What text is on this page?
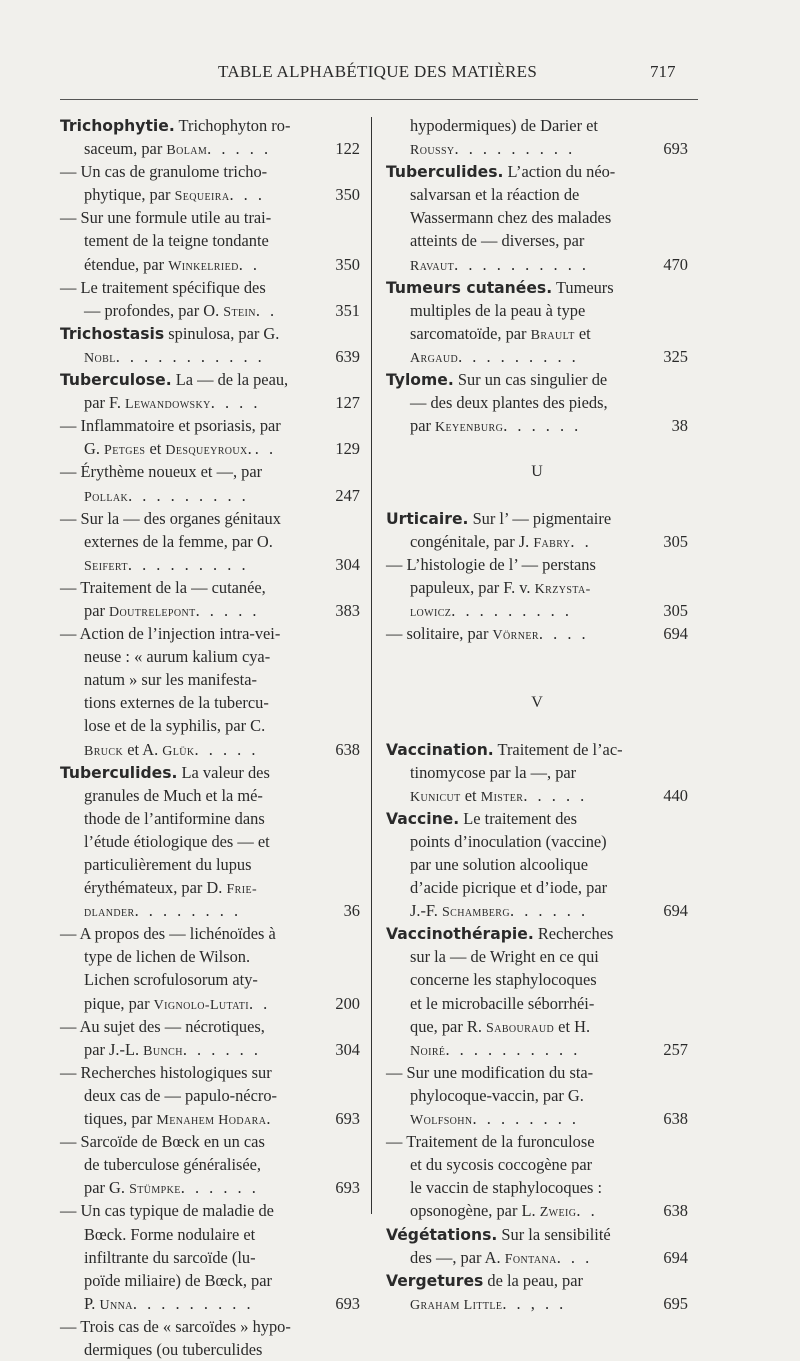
TABLE ALPHABÉTIQUE DES MATIÈRES	717
Trichophytie. Trichophyton ro-
saceum, par Bolam. . . . .	122
— Un cas de granulome tricho-
phytique, par Sequeira. . .	350
— Sur une formule utile au trai-
tement de la teigne tondante
étendue, par Winkelried. .	350
— Le traitement spécifique des
— profondes, par O. Stein. .	351
Trichostasis spinulosa, par G.
Nobl. . . . . . . . . . .	639
Tuberculose. La — de la peau,
par F. Lewandowsky. . . .	127
— Inflammatoire et psoriasis, par
G. Petges et Desqueyroux.. .	129
— Érythème noueux et —, par
Pollak. . . . . . . . .	247
— Sur la — des organes génitaux
externes de la femme, par O.
Seifert. . . . . . . . .	304
— Traitement de la — cutanée,
par Doutrelepont. . . . .	383
— Action de l’injection intra-vei-
neuse : « aurum kalium cya-
natum » sur les manifesta-
tions externes de la tubercu-
lose et de la syphilis, par C.
Bruck et A. Glük. . . . .	638
Tuberculides. La valeur des
granules de Much et la mé-
thode de l’antiformine dans
l’étude étiologique des — et
particulièrement du lupus
érythémateux, par D. Frie-
dlander. . . . . . . .	36
— A propos des — lichénoïdes à
type de lichen de Wilson.
Lichen scrofulosorum aty-
pique, par Vignolo-Lutati. .	200
— Au sujet des — nécrotiques,
par J.-L. Bunch. . . . . .	304
— Recherches histologiques sur
deux cas de — papulo-nécro-
tiques, par Menahem Hodara.	693
— Sarcoïde de Bœck en un cas
de tuberculose généralisée,
par G. Stümpke. . . . . .	693
— Un cas typique de maladie de
Bœck. Forme nodulaire et
infiltrante du sarcoïde (lu-
poïde miliaire) de Bœck, par
P. Unna. . . . . . . . .	693
— Trois cas de « sarcoïdes » hypo-
dermiques (ou tuberculides
hypodermiques) de Darier et
Roussy. . . . . . . . .	693
Tuberculides. L’action du néo-
salvarsan et la réaction de
Wassermann chez des malades
atteints de — diverses, par
Ravaut. . . . . . . . . .	470
Tumeurs cutanées. Tumeurs
multiples de la peau à type
sarcomatoïde, par Brault et
Argaud. . . . . . . . .	325
Tylome. Sur un cas singulier de
— des deux plantes des pieds,
par Keyenburg. . . . . .	38
U
Urticaire. Sur l’ — pigmentaire
congénitale, par J. Fabry. .	305
— L’histologie de l’ — perstans
papuleux, par F. v. Krzysta-
lowicz. . . . . . . . .	305
— solitaire, par Vörner. . . .	694
V
Vaccination. Traitement de l’ac-
tinomycose par la —, par
Kunicut et Mister. . . . .	440
Vaccine. Le traitement des
points d’inoculation (vaccine)
par une solution alcoolique
d’acide picrique et d’iode, par
J.-F. Schamberg. . . . . .	694
Vaccinothérapie. Recherches
sur la — de Wright en ce qui
concerne les staphylocoques
et le microbacille séborrhéi-
que, par R. Sabouraud et H.
Noiré. . . . . . . . . .	257
— Sur une modification du sta-
phylocoque-vaccin, par G.
Wolfsohn. . . . . . . .	638
— Traitement de la furonculose
et du sycosis coccogène par
le vaccin de staphylocoques :
opsonogène, par L. Zweig. .	638
Végétations. Sur la sensibilité
des —, par A. Fontana. . .	694
Vergetures de la peau, par
Graham Little. . , . .	695
